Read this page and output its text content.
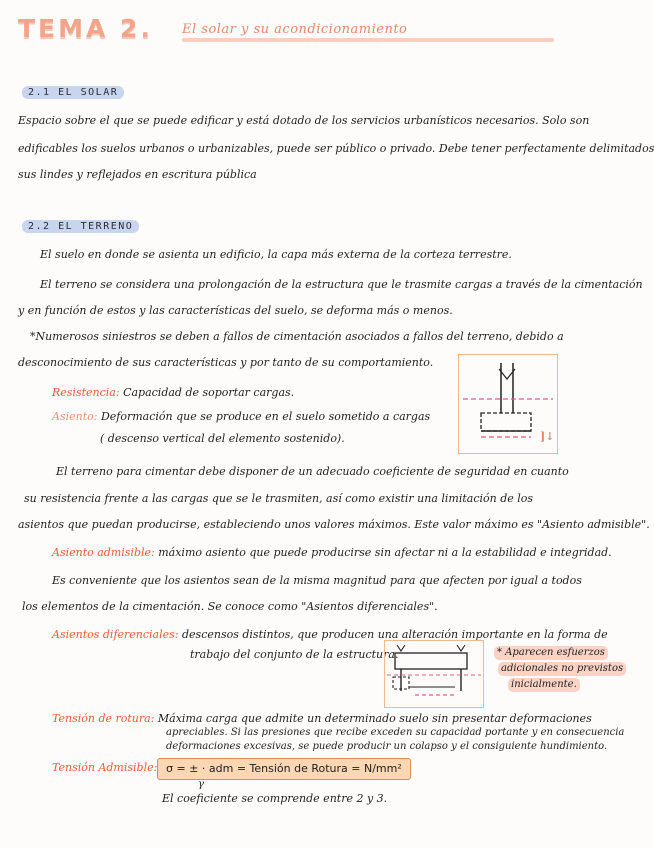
TEMA 2. El solar y su acondicionamiento
2.1 EL SOLAR
Espacio sobre el que se puede edificar y está dotado de los servicios urbanísticos necesarios. Solo son
edificables los suelos urbanos o urbanizables, puede ser público o privado. Debe tener perfectamente delimitados
sus lindes y reflejados en escritura pública
2.2 EL TERRENO
El suelo en donde se asienta un edificio, la capa más externa de la corteza terrestre.
El terreno se considera una prolongación de la estructura que le trasmite cargas a través de la cimentación
y en función de estos y las características del suelo, se deforma más o menos.
*Numerosos siniestros se deben a fallos de cimentación asociados a fallos del terreno, debido a
desconocimiento de sus características y por tanto de su comportamiento.
Resistencia: Capacidad de soportar cargas.
Asiento: Deformación que se produce en el suelo sometido a cargas
( descenso vertical del elemento sostenido).	]↓
El terreno para cimentar debe disponer de un adecuado coeficiente de seguridad en cuanto
su resistencia frente a las cargas que se le trasmiten, así como existir una limitación de los
asientos que puedan producirse, estableciendo unos valores máximos. Este valor máximo es "Asiento admisible".
Asiento admisible: máximo asiento que puede producirse sin afectar ni a la estabilidad e integridad.
Es conveniente que los asientos sean de la misma magnitud para que afecten por igual a todos
los elementos de la cimentación. Se conoce como "Asientos diferenciales".
Asientos diferenciales: descensos distintos, que producen una alteración importante en la forma de
trabajo del conjunto de la estructura.	* Aparecen esfuerzos
adicionales no previstos
inicialmente.
Tensión de rotura: Máxima carga que admite un determinado suelo sin presentar deformaciones
apreciables. Si las presiones que recibe exceden su capacidad portante y en consecuencia
deformaciones excesivas, se puede producir un colapso y el consiguiente hundimiento.
Tensión Admisible: σ = ± · adm = Tensión de Rotura = N/mm²
γ
El coeficiente se comprende entre 2 y 3.
